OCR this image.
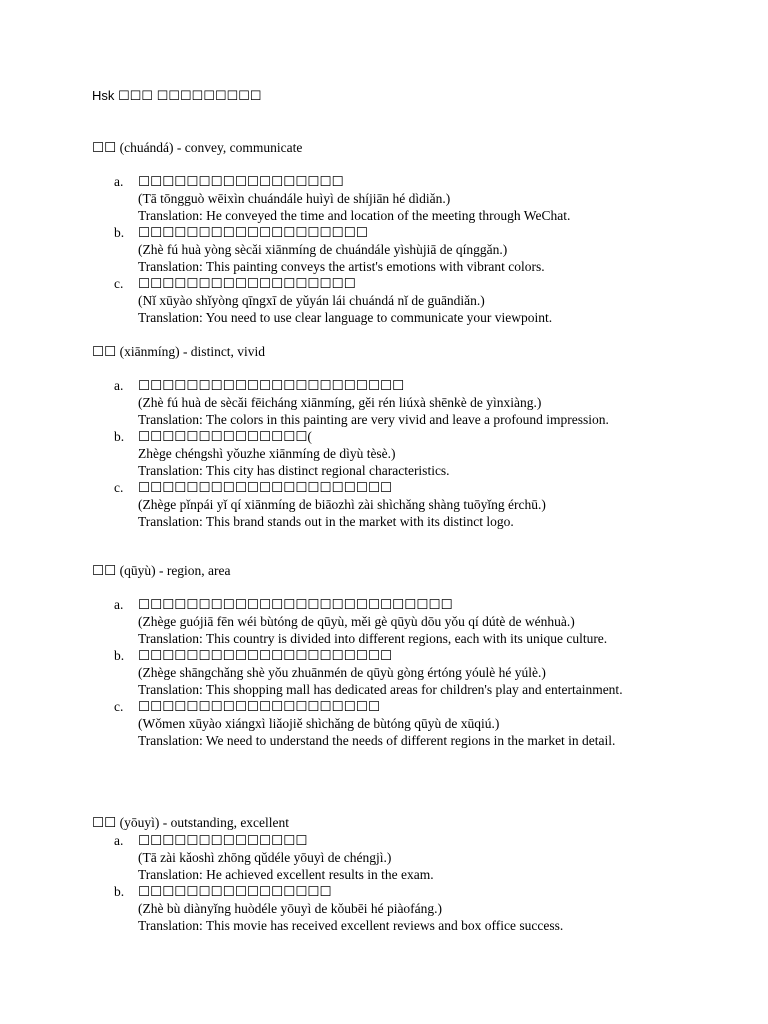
Hsk ☐☐☐ ☐☐☐☐☐☐☐☐☐
☐☐ (chuándá) - convey, communicate
a.	☐☐☐☐☐☐☐☐☐☐☐☐☐☐☐☐☐
(Tā tōngguò wēixìn chuándále huìyì de shíjiān hé dìdiǎn.)
Translation: He conveyed the time and location of the meeting through WeChat.
b.	☐☐☐☐☐☐☐☐☐☐☐☐☐☐☐☐☐☐☐
(Zhè fú huà yòng sècǎi xiānmíng de chuándále yìshùjiā de qínggǎn.)
Translation: This painting conveys the artist's emotions with vibrant colors.
c.	☐☐☐☐☐☐☐☐☐☐☐☐☐☐☐☐☐☐
(Nǐ xūyào shǐyòng qīngxī de yǔyán lái chuándá nǐ de guāndiǎn.)
Translation: You need to use clear language to communicate your viewpoint.
☐☐ (xiānmíng) - distinct, vivid
a.	☐☐☐☐☐☐☐☐☐☐☐☐☐☐☐☐☐☐☐☐☐☐
(Zhè fú huà de sècǎi fēicháng xiānmíng, gěi rén liúxà shēnkè de yìnxiàng.)
Translation: The colors in this painting are very vivid and leave a profound impression.
b.	☐☐☐☐☐☐☐☐☐☐☐☐☐☐(
Zhège chéngshì yǒuzhe xiānmíng de dìyù tèsè.)
Translation: This city has distinct regional characteristics.
c.	☐☐☐☐☐☐☐☐☐☐☐☐☐☐☐☐☐☐☐☐☐
(Zhège pǐnpái yǐ qí xiānmíng de biāozhì zài shìchǎng shàng tuōyǐng érchū.)
Translation: This brand stands out in the market with its distinct logo.
☐☐ (qūyù) - region, area
a.	☐☐☐☐☐☐☐☐☐☐☐☐☐☐☐☐☐☐☐☐☐☐☐☐☐☐
(Zhège guójiā fēn wéi bùtóng de qūyù, měi gè qūyù dōu yǒu qí dútè de wénhuà.)
Translation: This country is divided into different regions, each with its unique culture.
b.	☐☐☐☐☐☐☐☐☐☐☐☐☐☐☐☐☐☐☐☐☐
(Zhège shāngchǎng shè yǒu zhuānmén de qūyù gòng értóng yóulè hé yúlè.)
Translation: This shopping mall has dedicated areas for children's play and entertainment.
c.	☐☐☐☐☐☐☐☐☐☐☐☐☐☐☐☐☐☐☐☐
(Wǒmen xūyào xiángxì liǎojiě shìchǎng de bùtóng qūyù de xūqiú.)
Translation: We need to understand the needs of different regions in the market in detail.
☐☐ (yōuyì) - outstanding, excellent
a.	☐☐☐☐☐☐☐☐☐☐☐☐☐☐
(Tā zài kǎoshì zhōng qǔdéle yōuyì de chéngjì.)
Translation: He achieved excellent results in the exam.
b.	☐☐☐☐☐☐☐☐☐☐☐☐☐☐☐☐
(Zhè bù diànyǐng huòdéle yōuyì de kǒubēi hé piàofáng.)
Translation: This movie has received excellent reviews and box office success.
